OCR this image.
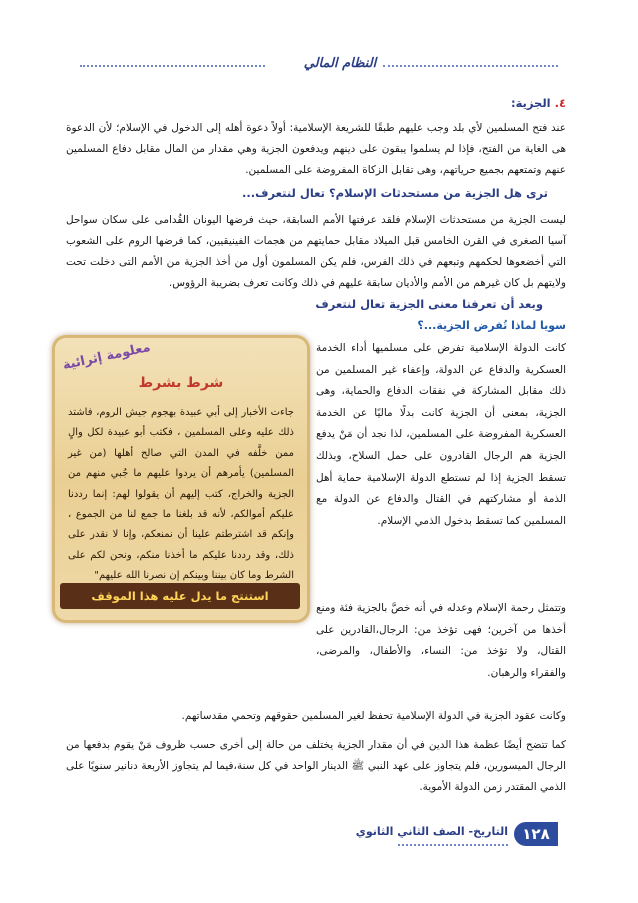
النظام المالي
٤. الجزية:
عند فتح المسلمين لأي بلد وجب عليهم طبقًا للشريعة الإسلامية: أولاً دعوة أهله إلى الدخول في الإسلام؛ لأن الدعوة هى الغاية من الفتح، فإذا لم يسلموا يبقون على دينهم ويدفعون الجزية وهي مقدار من المال مقابل دفاع المسلمين عنهم وتمتعهم بجميع حرياتهم، وهى تقابل الزكاة المفروضة على المسلمين.
ترى هل الجزية من مستحدثات الإسلام؟ تعال لنتعرف...
ليست الجزية من مستحدثات الإسلام فلقد عرفتها الأمم السابقة، حيث فرضها اليونان القُدامى على سكان سواحل آسيا الصغرى في القرن الخامس قبل الميلاد مقابل حمايتهم من هجمات الفينيقيين، كما فرضها الروم على الشعوب التي أخضعوها لحكمهم وتبعهم في ذلك الفرس، فلم يكن المسلمون أول من أخذ الجزية من الأمم التى دخلت تحت ولايتهم بل كان غيرهم من الأمم والأديان سابقة عليهم في ذلك وكانت تعرف بضريبة الرؤوس.
وبعد أن تعرفنا معنى الجزية تعال لنتعرف
سويا لماذا تُفرض الجزية...؟
كانت الدولة الإسلامية تفرض على مسلميها أداء الخدمة العسكرية والدفاع عن الدولة، وإعفاء غير المسلمين من ذلك مقابل المشاركة في نفقات الدفاع والحماية، وهى الجزية، بمعنى أن الجزية كانت بدلًا ماليًا عن الخدمة العسكرية المفروضة على المسلمين، لذا نجد أن مَنْ يدفع الجزية هم الرجال القادرون على حمل السلاح، وبذلك تسقط الجزية إذا لم تستطع الدولة الإسلامية حماية أهل الذمة أو مشاركتهم في القتال والدفاع عن الدولة مع المسلمين كما تسقط بدخول الذمي الإسلام.
وتتمثل رحمة الإسلام وعدله في أنه خصَّ بالجزية فئة ومنع أخذها من آخرين؛ فهى تؤخذ من: الرجال،القادرين على القتال، ولا تؤخذ من: النساء، والأطفال، والمرضى، والفقراء والرهبان.
معلومة إثرائية
شرط بشرط
جاءت الأخبار إلى أبي عبيدة بهجوم جيش الروم، فاشتد ذلك عليه وعلى المسلمين ، فكتب أبو عبيدة لكل والٍ ممن خلَّفه في المدن التي صالح أهلها (من غير المسلمين) يأمرهم أن يردوا عليهم ما جُبي منهم من الجزية والخراج، كتب إليهم أن يقولوا لهم: إنما رددنا عليكم أموالكم، لأنه قد بلغنا ما جمع لنا من الجموع ، وإنكم قد اشترطتم علينا أن نمنعكم، وإنا لا نقدر على ذلك، وقد رددنا عليكم ما أخذنا منكم، ونحن لكم على الشرط وما كان بيننا وبينكم إن نصرنا الله عليهم"
استنتج ما يدل عليه هذا الموقف
وكانت عقود الجزية في الدولة الإسلامية تحفظ لغير المسلمين حقوقهم وتحمي مقدساتهم.
كما تتضح أيضًا عظمة هذا الدين في أن مقدار الجزية يختلف من حالة إلى أخرى حسب ظروف مَنْ يقوم بدفعها من الرجال الميسورين، فلم يتجاوز على عهد النبي ﷺ الدينار الواحد في كل سنة،فيما لم يتجاوز الأربعة دنانير سنويًا على الذمي المقتدر زمن الدولة الأموية.
١٢٨
التاريخ- الصف الثاني الثانوي
